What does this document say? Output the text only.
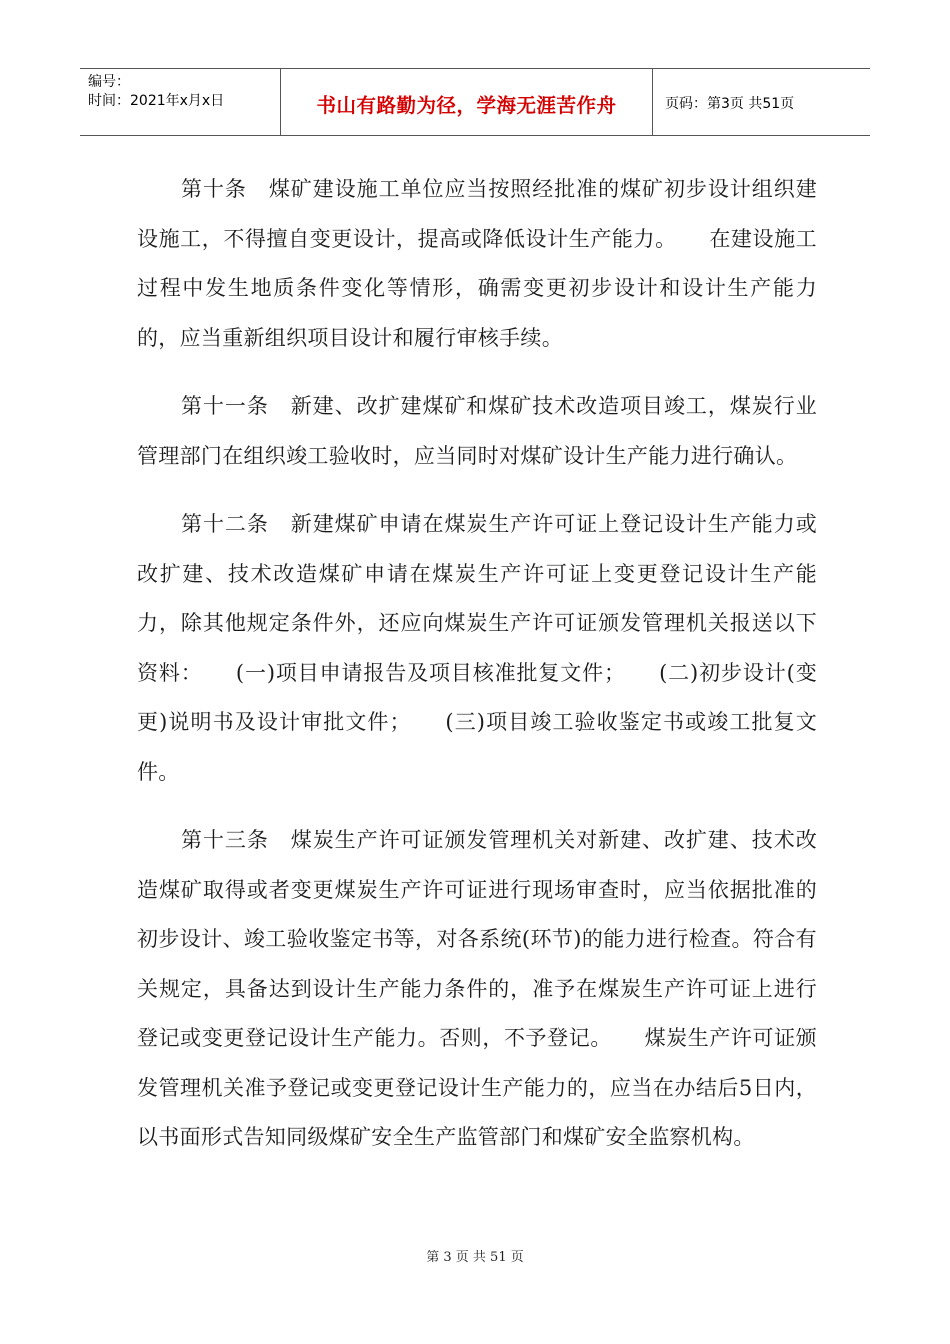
编号：
时间：2021年x月x日	书山有路勤为径，学海无涯苦作舟	页码：第3页 共51页

第十条　煤矿建设施工单位应当按照经批准的煤矿初步设计组织建设施工，不得擅自变更设计，提高或降低设计生产能力。　　在建设施工过程中发生地质条件变化等情形，确需变更初步设计和设计生产能力的，应当重新组织项目设计和履行审核手续。

第十一条　新建、改扩建煤矿和煤矿技术改造项目竣工，煤炭行业管理部门在组织竣工验收时，应当同时对煤矿设计生产能力进行确认。

第十二条　新建煤矿申请在煤炭生产许可证上登记设计生产能力或改扩建、技术改造煤矿申请在煤炭生产许可证上变更登记设计生产能力，除其他规定条件外，还应向煤炭生产许可证颁发管理机关报送以下资料：　　(一)项目申请报告及项目核准批复文件；　　(二)初步设计(变更)说明书及设计审批文件；　　(三)项目竣工验收鉴定书或竣工批复文件。

第十三条　煤炭生产许可证颁发管理机关对新建、改扩建、技术改造煤矿取得或者变更煤炭生产许可证进行现场审查时，应当依据批准的初步设计、竣工验收鉴定书等，对各系统(环节)的能力进行检查。符合有关规定，具备达到设计生产能力条件的，准予在煤炭生产许可证上进行登记或变更登记设计生产能力。否则，不予登记。　　煤炭生产许可证颁发管理机关准予登记或变更登记设计生产能力的，应当在办结后5日内，以书面形式告知同级煤矿安全生产监管部门和煤矿安全监察机构。

第 3 页 共 51 页
